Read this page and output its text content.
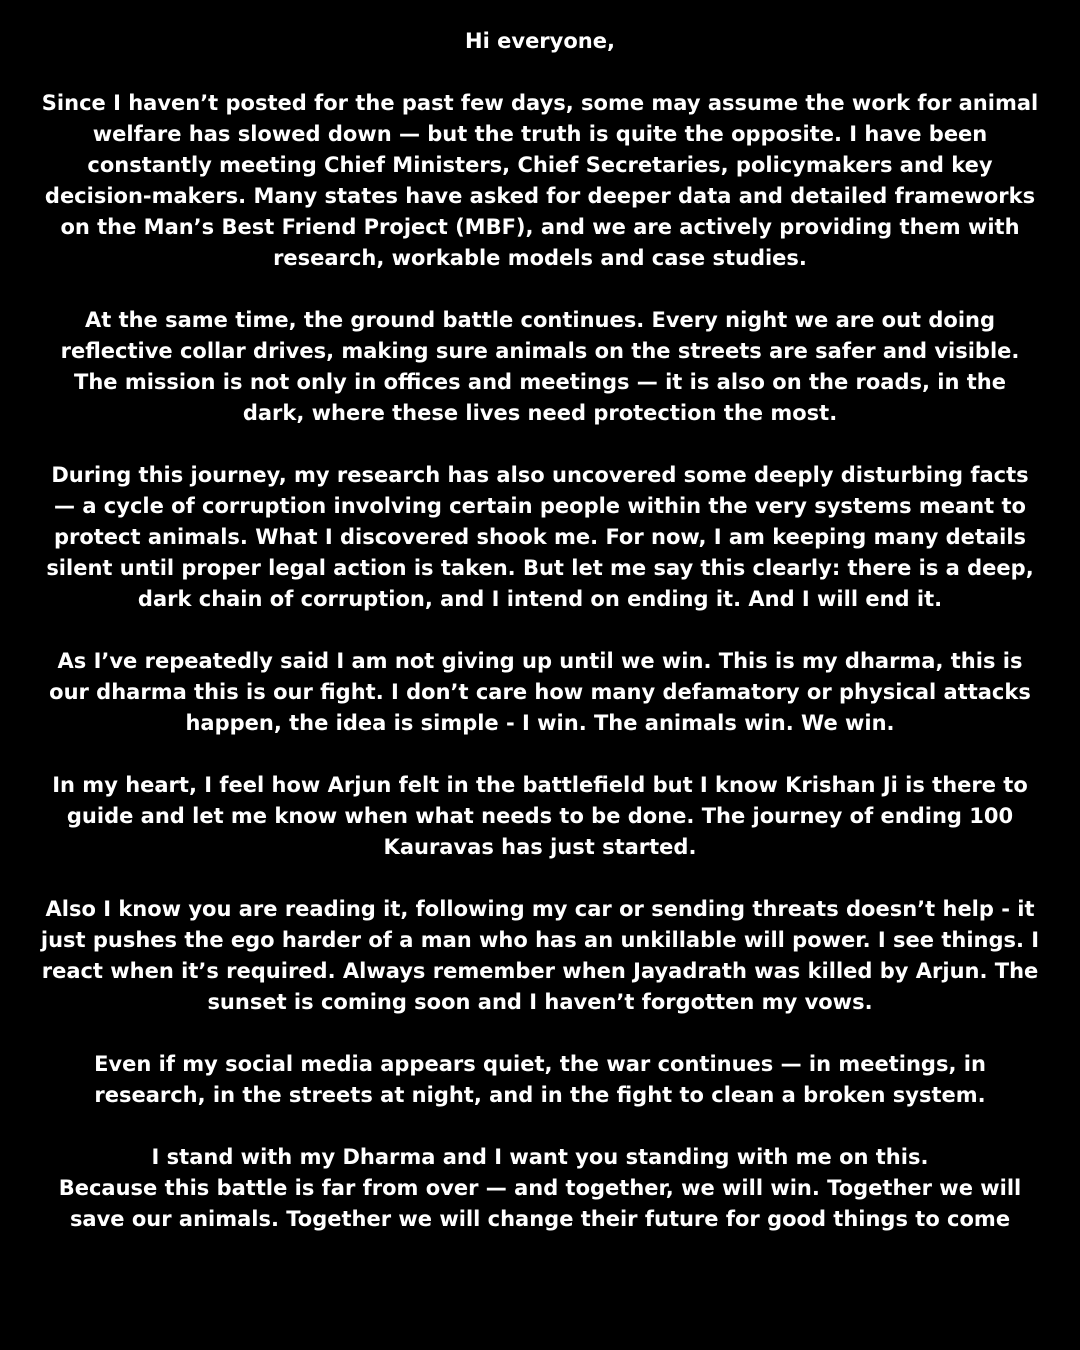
Hi everyone,

Since I haven’t posted for the past few days, some may assume the work for animal welfare has slowed down — but the truth is quite the opposite. I have been constantly meeting Chief Ministers, Chief Secretaries, policymakers and key decision-makers. Many states have asked for deeper data and detailed frameworks on the Man’s Best Friend Project (MBF), and we are actively providing them with research, workable models and case studies.

At the same time, the ground battle continues. Every night we are out doing reflective collar drives, making sure animals on the streets are safer and visible. The mission is not only in offices and meetings — it is also on the roads, in the dark, where these lives need protection the most.

During this journey, my research has also uncovered some deeply disturbing facts — a cycle of corruption involving certain people within the very systems meant to protect animals. What I discovered shook me. For now, I am keeping many details silent until proper legal action is taken. But let me say this clearly: there is a deep, dark chain of corruption, and I intend on ending it. And I will end it.

As I’ve repeatedly said I am not giving up until we win. This is my dharma, this is our dharma this is our fight. I don’t care how many defamatory or physical attacks happen, the idea is simple - I win. The animals win. We win.

In my heart, I feel how Arjun felt in the battlefield but I know Krishan Ji is there to guide and let me know when what needs to be done. The journey of ending 100 Kauravas has just started.

Also I know you are reading it, following my car or sending threats doesn’t help - it just pushes the ego harder of a man who has an unkillable will power. I see things. I react when it’s required. Always remember when Jayadrath was killed by Arjun. The sunset is coming soon and I haven’t forgotten my vows.

Even if my social media appears quiet, the war continues — in meetings, in research, in the streets at night, and in the fight to clean a broken system.

I stand with my Dharma and I want you standing with me on this.
Because this battle is far from over — and together, we will win. Together we will save our animals. Together we will change their future for good things to come
